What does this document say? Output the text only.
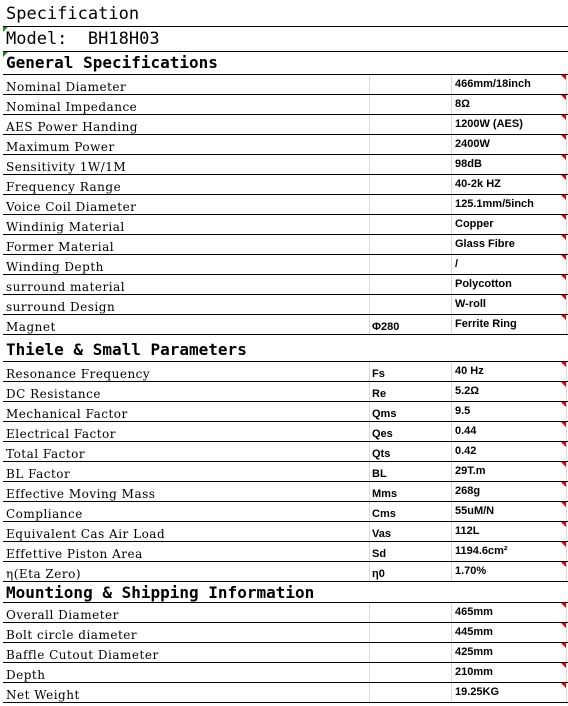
Specification
Model: BH18H03
General Specifications
Nominal Diameter	466mm/18inch
Nominal Impedance	8Ω
AES Power Handing	1200W (AES)
Maximum Power	2400W
Sensitivity 1W/1M	98dB
Frequency Range	40-2k HZ
Voice Coil Diameter	125.1mm/5inch
Windinig Material	Copper
Former Material	Glass Fibre
Winding Depth	/
surround material	Polycotton
surround Design	W-roll
Magnet	Φ280	Ferrite Ring
Thiele & Small Parameters
Resonance Frequency	Fs	40 Hz
DC Resistance	Re	5.2Ω
Mechanical Factor	Qms	9.5
Electrical Factor	Qes	0.44
Total Factor	Qts	0.42
BL Factor	BL	29T.m
Effective Moving Mass	Mms	268g
Compliance	Cms	55uM/N
Equivalent Cas Air Load	Vas	112L
Effettive Piston Area	Sd	1194.6cm²
η(Eta Zero)	η0	1.70%
Mountiong & Shipping Information
Overall Diameter	465mm
Bolt circle diameter	445mm
Baffle Cutout Diameter	425mm
Depth	210mm
Net Weight	19.25KG
